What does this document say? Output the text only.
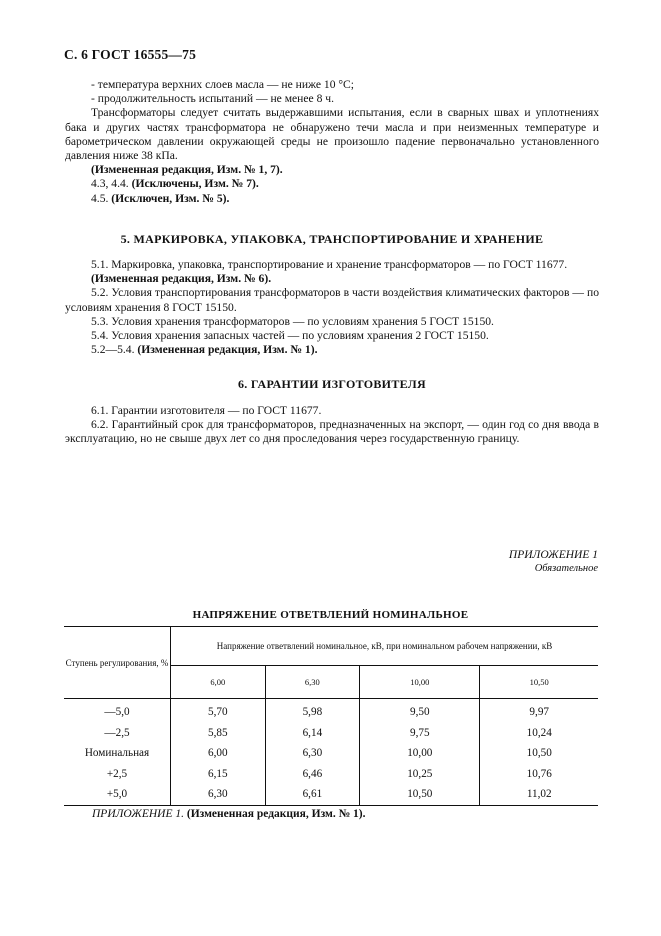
С. 6 ГОСТ 16555—75

- температура верхних слоев масла — не ниже 10 °С;

- продолжительность испытаний — не менее 8 ч.

Трансформаторы следует считать выдержавшими испытания, если в сварных швах и уплотнениях бака и других частях трансформатора не обнаружено течи масла и при неизменных температуре и барометрическом давлении окружающей среды не произошло падение первоначально установленного давления ниже 38 кПа.

(Измененная редакция, Изм. № 1, 7).

4.3, 4.4. (Исключены, Изм. № 7).

4.5. (Исключен, Изм. № 5).

5. МАРКИРОВКА, УПАКОВКА, ТРАНСПОРТИРОВАНИЕ И ХРАНЕНИЕ

5.1. Маркировка, упаковка, транспортирование и хранение трансформаторов — по ГОСТ 11677.

(Измененная редакция, Изм. № 6).

5.2. Условия транспортирования трансформаторов в части воздействия климатических факторов — по условиям хранения 8 ГОСТ 15150.

5.3. Условия хранения трансформаторов — по условиям хранения 5 ГОСТ 15150.

5.4. Условия хранения запасных частей — по условиям хранения 2 ГОСТ 15150.

5.2—5.4. (Измененная редакция, Изм. № 1).

6. ГАРАНТИИ ИЗГОТОВИТЕЛЯ

6.1. Гарантии изготовителя — по ГОСТ 11677.

6.2. Гарантийный срок для трансформаторов, предназначенных на экспорт, — один год со дня ввода в эксплуатацию, но не свыше двух лет со дня проследования через государственную границу.

ПРИЛОЖЕНИЕ 1
Обязательное
НАПРЯЖЕНИЕ ОТВЕТВЛЕНИЙ НОМИНАЛЬНОЕ
Ступень регулирования, %	Напряжение ответвлений номинальное, кВ, при номинальном рабочем напряжении, кВ			
	6,00	6,30	10,00	10,50
—5,0	5,70	5,98	9,50	9,97
—2,5	5,85	6,14	9,75	10,24
Номинальная	6,00	6,30	10,00	10,50
+2,5	6,15	6,46	10,25	10,76
+5,0	6,30	6,61	10,50	11,02
ПРИЛОЖЕНИЕ 1. (Измененная редакция, Изм. № 1).
